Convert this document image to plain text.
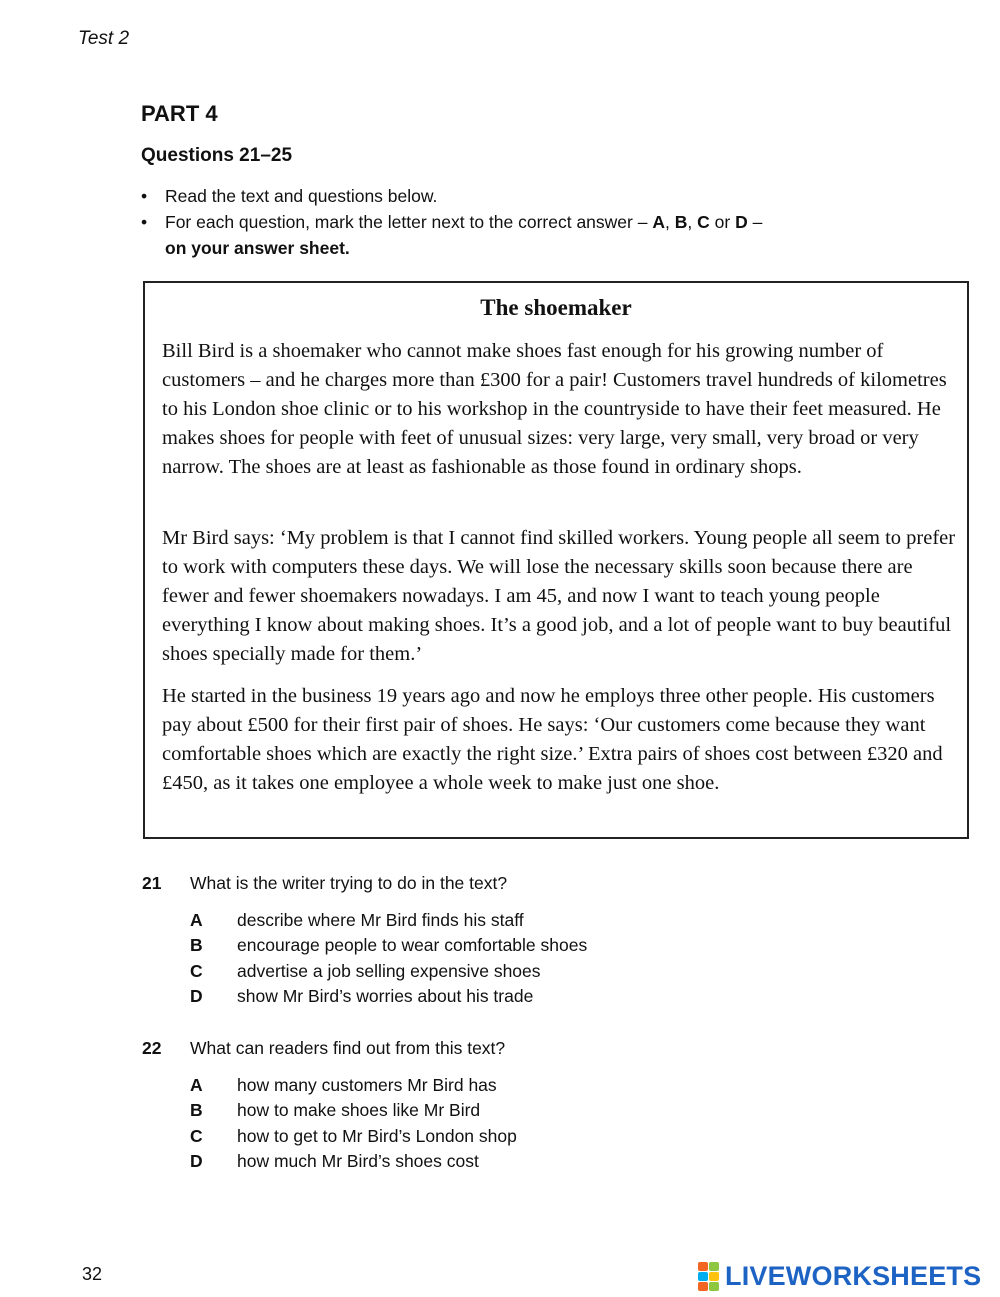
Test 2
PART 4
Questions 21–25
• Read the text and questions below.
• For each question, mark the letter next to the correct answer – A, B, C or D –
on your answer sheet.
The shoemaker

Bill Bird is a shoemaker who cannot make shoes fast enough for his growing number of customers – and he charges more than £300 for a pair! Customers travel hundreds of kilometres to his London shoe clinic or to his workshop in the countryside to have their feet measured. He makes shoes for people with feet of unusual sizes: very large, very small, very broad or very narrow. The shoes are at least as fashionable as those found in ordinary shops.

Mr Bird says: ‘My problem is that I cannot find skilled workers. Young people all seem to prefer to work with computers these days. We will lose the necessary skills soon because there are fewer and fewer shoemakers nowadays. I am 45, and now I want to teach young people everything I know about making shoes. It’s a good job, and a lot of people want to buy beautiful shoes specially made for them.’

He started in the business 19 years ago and now he employs three other people. His customers pay about £500 for their first pair of shoes. He says: ‘Our customers come because they want comfortable shoes which are exactly the right size.’ Extra pairs of shoes cost between £320 and £450, as it takes one employee a whole week to make just one shoe.

21 What is the writer trying to do in the text?
A describe where Mr Bird finds his staff
B encourage people to wear comfortable shoes
C advertise a job selling expensive shoes
D show Mr Bird’s worries about his trade
22 What can readers find out from this text?
A how many customers Mr Bird has
B how to make shoes like Mr Bird
C how to get to Mr Bird’s London shop
D how much Mr Bird’s shoes cost
32	LIVEWORKSHEETS
